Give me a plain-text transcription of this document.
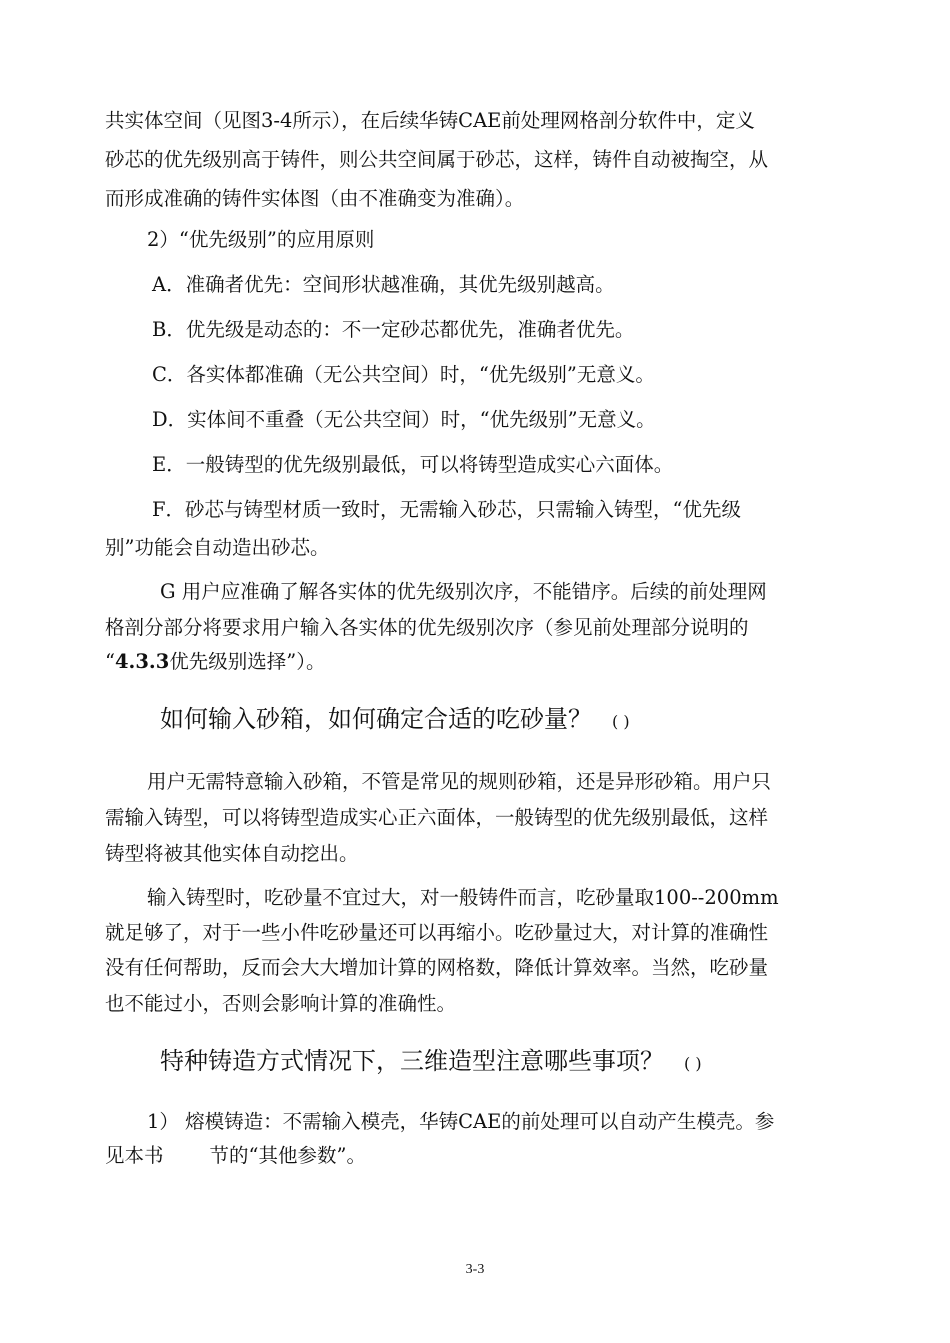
共实体空间（见图3-4所示），在后续华铸CAE前处理网格剖分软件中，定义

砂芯的优先级别高于铸件，则公共空间属于砂芯，这样，铸件自动被掏空，从

而形成准确的铸件实体图（由不准确变为准确）。

2）“优先级别”的应用原则

A．准确者优先：空间形状越准确，其优先级别越高。

B．优先级是动态的：不一定砂芯都优先，准确者优先。

C．各实体都准确（无公共空间）时，“优先级别”无意义。

D．实体间不重叠（无公共空间）时，“优先级别”无意义。

E．一般铸型的优先级别最低，可以将铸型造成实心六面体。

F．砂芯与铸型材质一致时，无需输入砂芯，只需输入铸型，“优先级

别”功能会自动造出砂芯。

G 用户应准确了解各实体的优先级别次序，不能错序。后续的前处理网

格剖分部分将要求用户输入各实体的优先级别次序（参见前处理部分说明的

“4.3.3优先级别选择”）。

如何输入砂箱，如何确定合适的吃砂量？ ( )

用户无需特意输入砂箱，不管是常见的规则砂箱，还是异形砂箱。用户只

需输入铸型，可以将铸型造成实心正六面体，一般铸型的优先级别最低，这样

铸型将被其他实体自动挖出。

输入铸型时，吃砂量不宜过大，对一般铸件而言，吃砂量取100--200mm

就足够了，对于一些小件吃砂量还可以再缩小。吃砂量过大，对计算的准确性

没有任何帮助，反而会大大增加计算的网格数，降低计算效率。当然，吃砂量

也不能过小，否则会影响计算的准确性。

特种铸造方式情况下，三维造型注意哪些事项？ ( )

1） 熔模铸造：不需输入模壳，华铸CAE的前处理可以自动产生模壳。参

见本书 节的“其他参数”。

3-3
